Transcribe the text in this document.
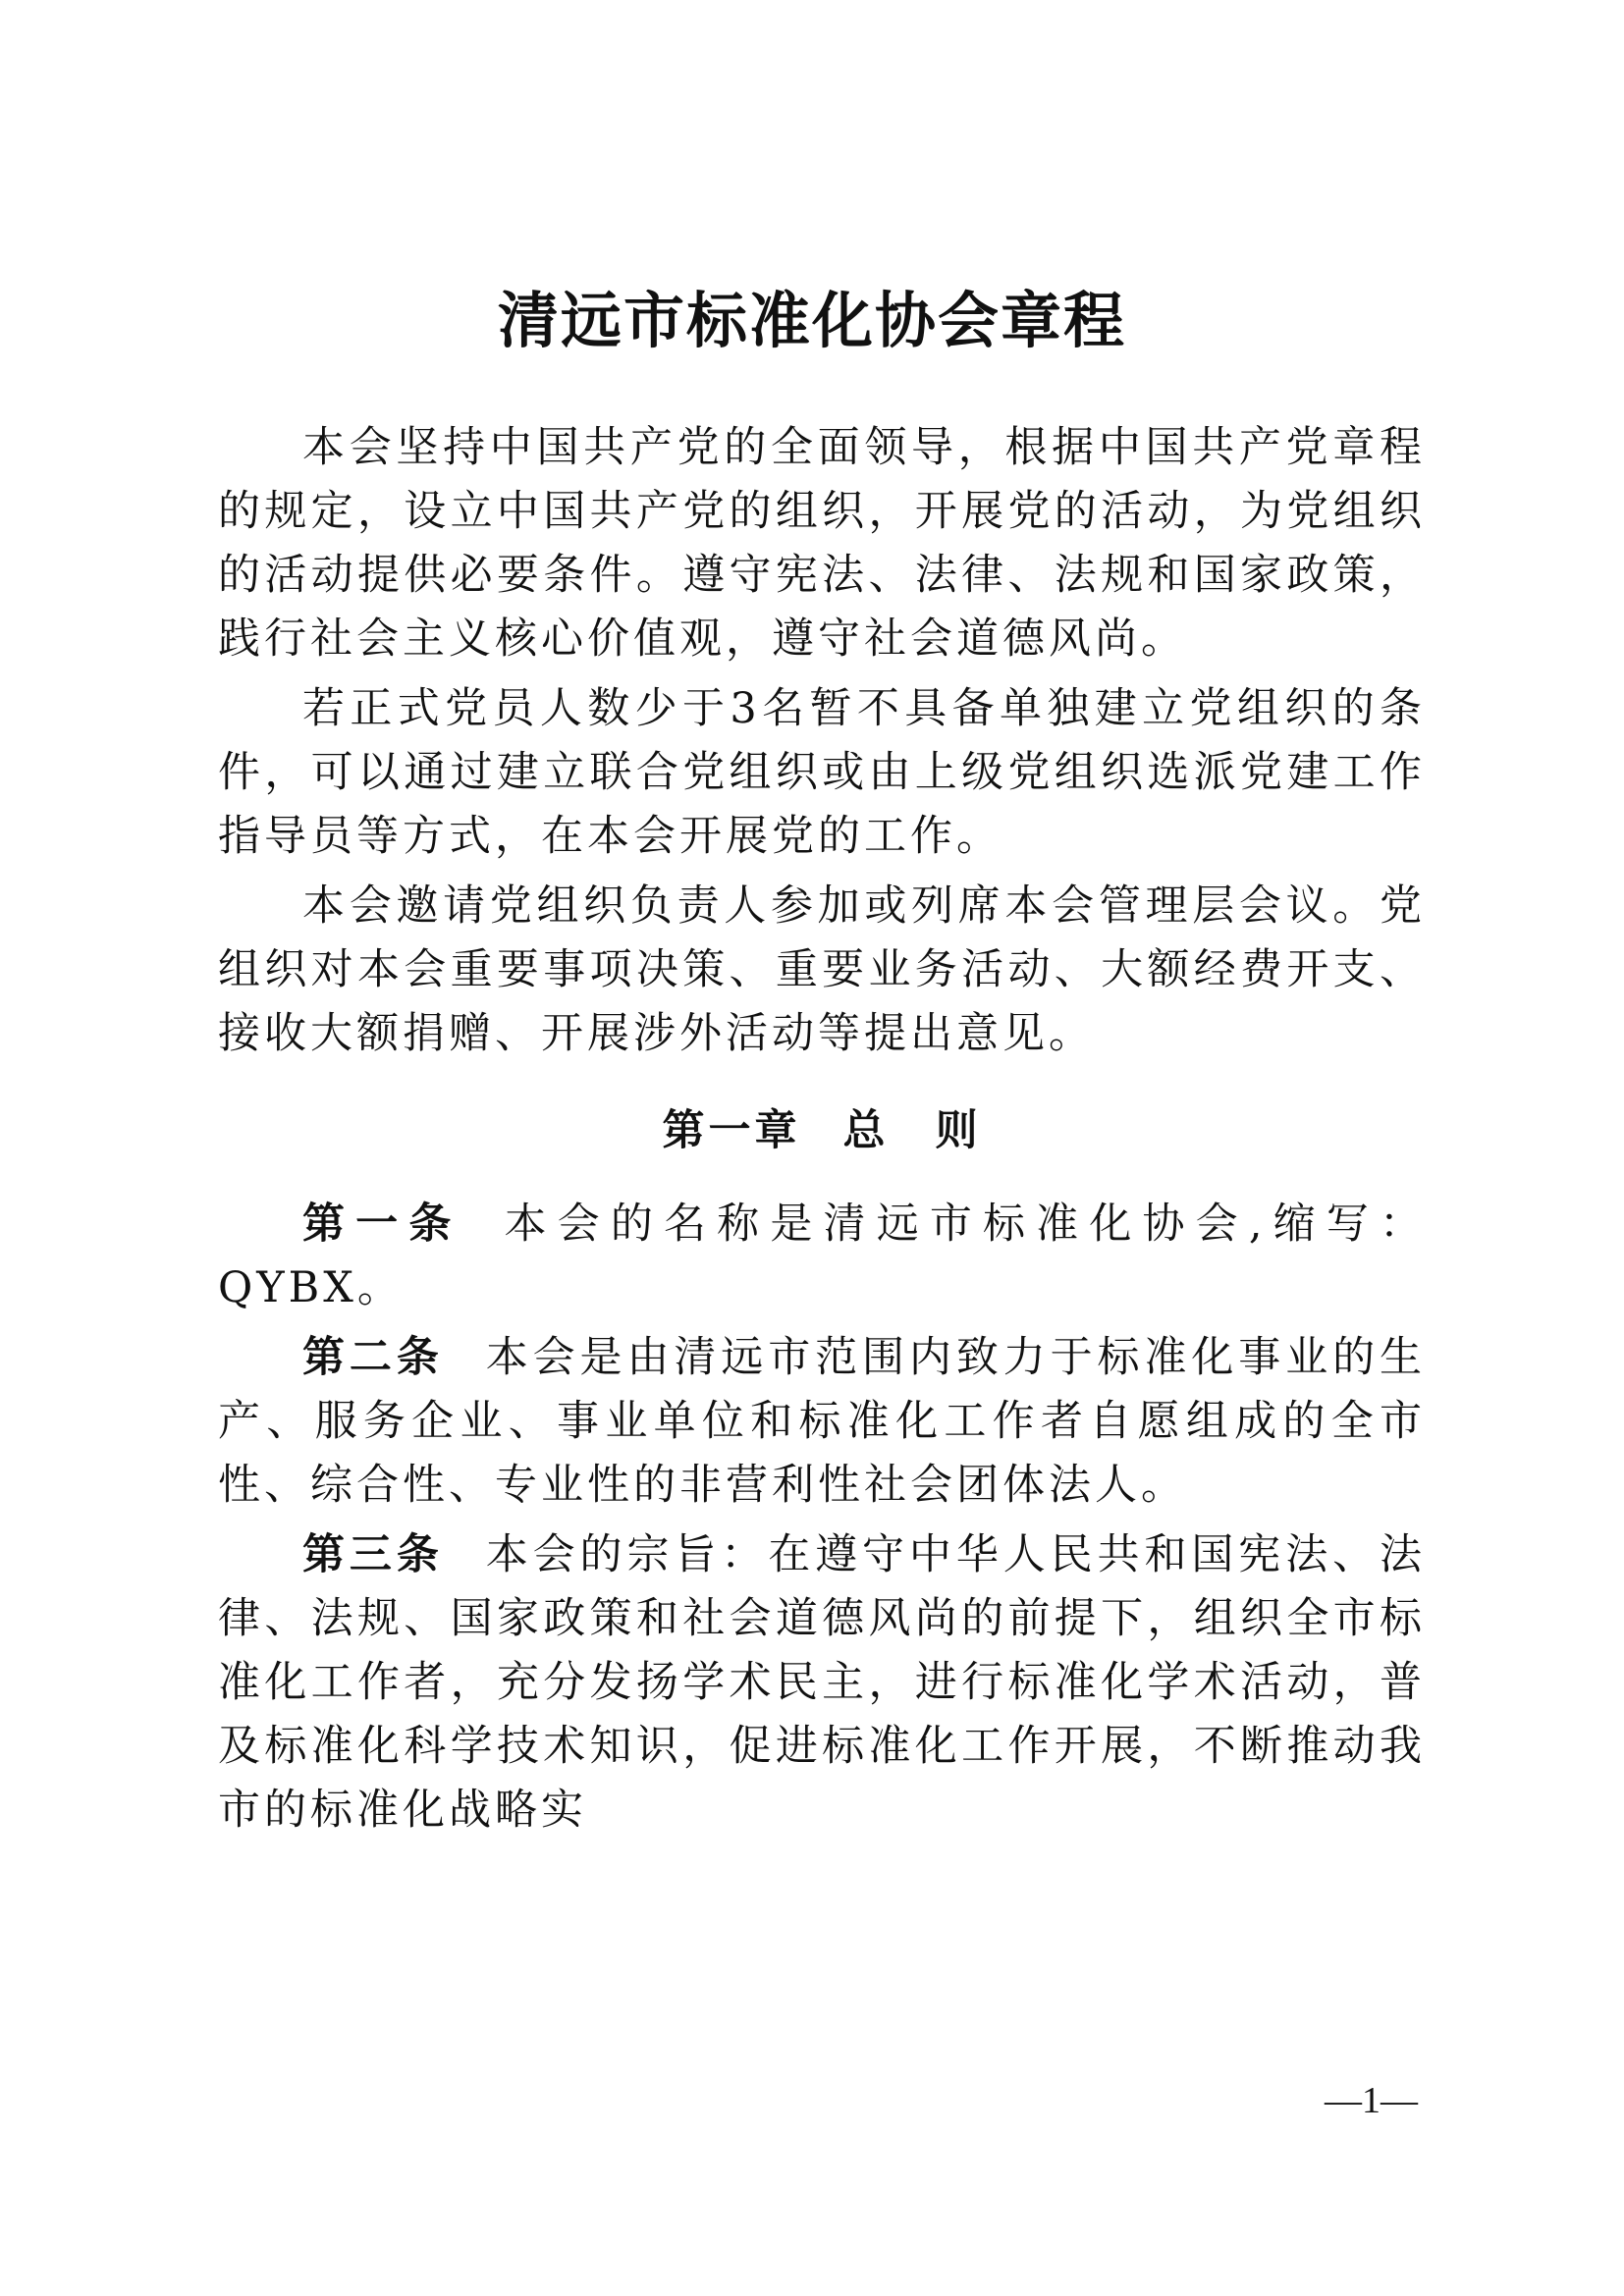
清远市标准化协会章程

本会坚持中国共产党的全面领导，根据中国共产党章程的规定，设立中国共产党的组织，开展党的活动，为党组织的活动提供必要条件。遵守宪法、法律、法规和国家政策，践行社会主义核心价值观，遵守社会道德风尚。

若正式党员人数少于3名暂不具备单独建立党组织的条件，可以通过建立联合党组织或由上级党组织选派党建工作指导员等方式，在本会开展党的工作。

本会邀请党组织负责人参加或列席本会管理层会议。党组织对本会重要事项决策、重要业务活动、大额经费开支、接收大额捐赠、开展涉外活动等提出意见。

第一章 总　则

第一条 本会的名称是清远市标准化协会,缩写：QYBX。

第二条 本会是由清远市范围内致力于标准化事业的生产、服务企业、事业单位和标准化工作者自愿组成的全市性、综合性、专业性的非营利性社会团体法人。

第三条 本会的宗旨：在遵守中华人民共和国宪法、法律、法规、国家政策和社会道德风尚的前提下，组织全市标准化工作者，充分发扬学术民主，进行标准化学术活动，普及标准化科学技术知识，促进标准化工作开展，不断推动我市的标准化战略实

—1—
